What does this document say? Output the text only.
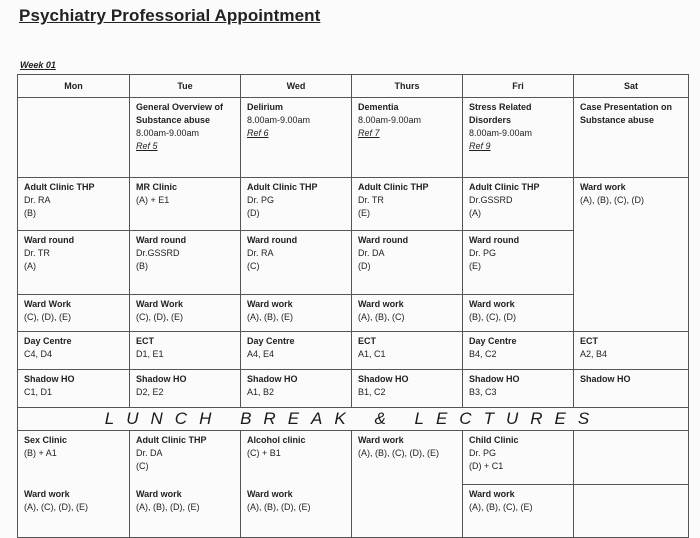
Psychiatry Professorial Appointment
Week 01
Mon	Tue	Wed	Thurs	Fri	Sat

	General Overview of Substance abuse
8.00am-9.00am
Ref 5	Delirium
8.00am-9.00am
Ref 6	Dementia
8.00am-9.00am
Ref 7	Stress Related Disorders
8.00am-9.00am
Ref 9	Case Presentation on Substance abuse

Adult Clinic THP
Dr. RA
(B)	MR Clinic
(A) + E1	Adult Clinic THP
Dr. PG
(D)	Adult Clinic THP
Dr. TR
(E)	Adult Clinic THP
Dr.GSSRD
(A)	Ward work
(A), (B), (C), (D)

Ward round
Dr. TR
(A)	Ward round
Dr.GSSRD
(B)	Ward round
Dr. RA
(C)	Ward round
Dr. DA
(D)	Ward round
Dr. PG
(E)	

Ward Work
(C), (D), (E)	Ward Work
(C), (D), (E)	Ward work
(A), (B), (E)	Ward work
(A), (B), (C)	Ward work
(B), (C), (D)	

Day Centre
C4, D4	ECT
D1, E1	Day Centre
A4, E4	ECT
A1, C1	Day Centre
B4, C2	ECT
A2, B4

Shadow HO
C1, D1	Shadow HO
D2, E2	Shadow HO
A1, B2	Shadow HO
B1, C2	Shadow HO
B3, C3	Shadow HO

LUNCH BREAK & LECTURES					

Sex Clinic
(B) + A1	Adult Clinic THP
Dr. DA
(C)	Alcohol clinic
(C) + B1	Ward work
(A), (B), (C), (D), (E)	Child Clinic
Dr. PG
(D) + C1	

Ward work
(A), (C), (D), (E)	Ward work
(A), (B), (D), (E)	Ward work
(A), (B), (D), (E)		Ward work
(A), (B), (C), (E)	
